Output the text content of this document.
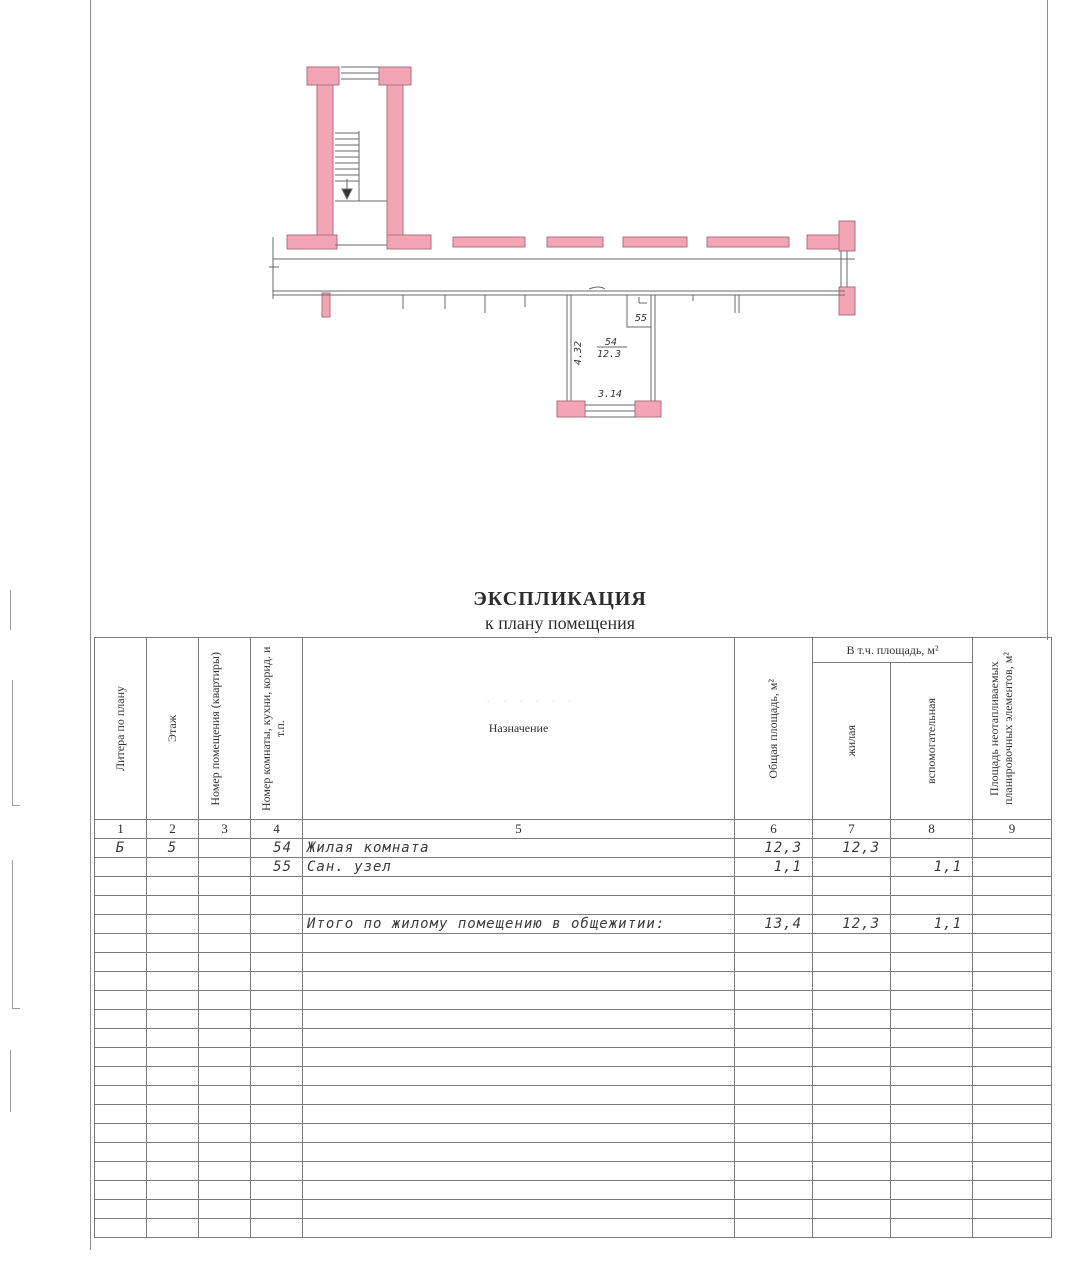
55
54
12.3
4.32
3.14
· · · · · ·
ЭКСПЛИКАЦИЯ
к плану помещения
Литера по плану	Этаж	Номер помещения (квартиры)	Номер комнаты, кухни, корид. и т.п.	Назначение	Общая площадь, м²	В т.ч. площадь, м²		Площадь неотапливаемых планировочных элементов, м²

						жилая	вспомогательная	

1	2	3	4	5	6	7	8	9
Б	5		54	Жилая комната	12,3	12,3		
			55	Сан. узел	1,1		1,1	

				Итого по жилому помещению в общежитии:	13,4	12,3	1,1	
